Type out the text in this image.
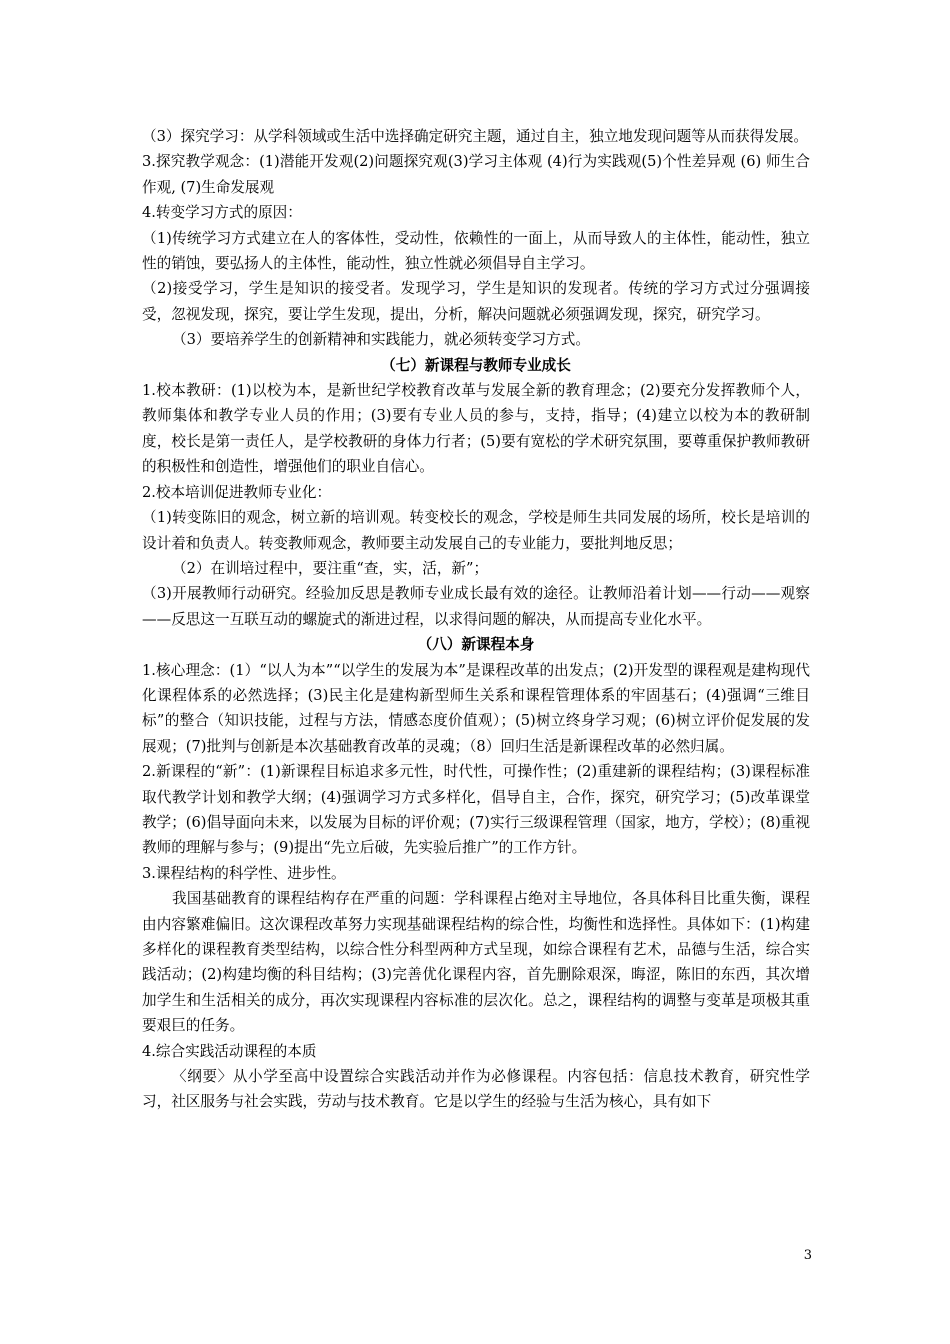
（3）探究学习：从学科领域或生活中选择确定研究主题，通过自主，独立地发现问题等从而获得发展。

3.探究教学观念：(1)潜能开发观(2)问题探究观(3)学习主体观 (4)行为实践观(5)个性差异观 (6) 师生合作观, (7)生命发展观

4.转变学习方式的原因：

（1)传统学习方式建立在人的客体性，受动性，依赖性的一面上，从而导致人的主体性，能动性，独立性的销蚀，要弘扬人的主体性，能动性，独立性就必须倡导自主学习。

（2)接受学习，学生是知识的接受者。发现学习，学生是知识的发现者。传统的学习方式过分强调接受，忽视发现，探究，要让学生发现，提出，分析，解决问题就必须强调发现，探究，研究学习。

（3）要培养学生的创新精神和实践能力，就必须转变学习方式。

（七）新课程与教师专业成长

1.校本教研：(1)以校为本，是新世纪学校教育改革与发展全新的教育理念；(2)要充分发挥教师个人，教师集体和教学专业人员的作用；(3)要有专业人员的参与，支持，指导；(4)建立以校为本的教研制度，校长是第一责任人，是学校教研的身体力行者；(5)要有宽松的学术研究氛围，要尊重保护教师教研的积极性和创造性，增强他们的职业自信心。

2.校本培训促进教师专业化：

（1)转变陈旧的观念，树立新的培训观。转变校长的观念，学校是师生共同发展的场所，校长是培训的设计着和负责人。转变教师观念，教师要主动发展自己的专业能力，要批判地反思；

（2）在训培过程中，要注重“查，实，活，新”；

（3)开展教师行动研究。经验加反思是教师专业成长最有效的途径。让教师沿着计划——行动——观察——反思这一互联互动的螺旋式的渐进过程，以求得问题的解决，从而提高专业化水平。

（八）新课程本身

1.核心理念：(1）“以人为本”“以学生的发展为本”是课程改革的出发点；(2)开发型的课程观是建构现代化课程体系的必然选择；(3)民主化是建构新型师生关系和课程管理体系的牢固基石；(4)强调“三维目标”的整合（知识技能，过程与方法，情感态度价值观）；(5)树立终身学习观；(6)树立评价促发展的发展观；(7)批判与创新是本次基础教育改革的灵魂；（8）回归生活是新课程改革的必然归属。

2.新课程的“新”：(1)新课程目标追求多元性，时代性，可操作性；(2)重建新的课程结构；(3)课程标准取代教学计划和教学大纲；(4)强调学习方式多样化，倡导自主，合作，探究，研究学习；(5)改革课堂教学；(6)倡导面向未来，以发展为目标的评价观；(7)实行三级课程管理（国家，地方，学校）；(8)重视教师的理解与参与；(9)提出“先立后破，先实验后推广”的工作方针。

3.课程结构的科学性、进步性。

我国基础教育的课程结构存在严重的问题：学科课程占绝对主导地位，各具体科目比重失衡，课程由内容繁难偏旧。这次课程改革努力实现基础课程结构的综合性，均衡性和选择性。具体如下：(1)构建多样化的课程教育类型结构，以综合性分科型两种方式呈现，如综合课程有艺术，品德与生活，综合实践活动；(2)构建均衡的科目结构；(3)完善优化课程内容，首先删除艰深，晦涩，陈旧的东西，其次增加学生和生活相关的成分，再次实现课程内容标准的层次化。总之，课程结构的调整与变革是项极其重要艰巨的任务。

4.综合实践活动课程的本质

〈纲要〉从小学至高中设置综合实践活动并作为必修课程。内容包括：信息技术教育，研究性学习，社区服务与社会实践，劳动与技术教育。它是以学生的经验与生活为核心，具有如下

3
